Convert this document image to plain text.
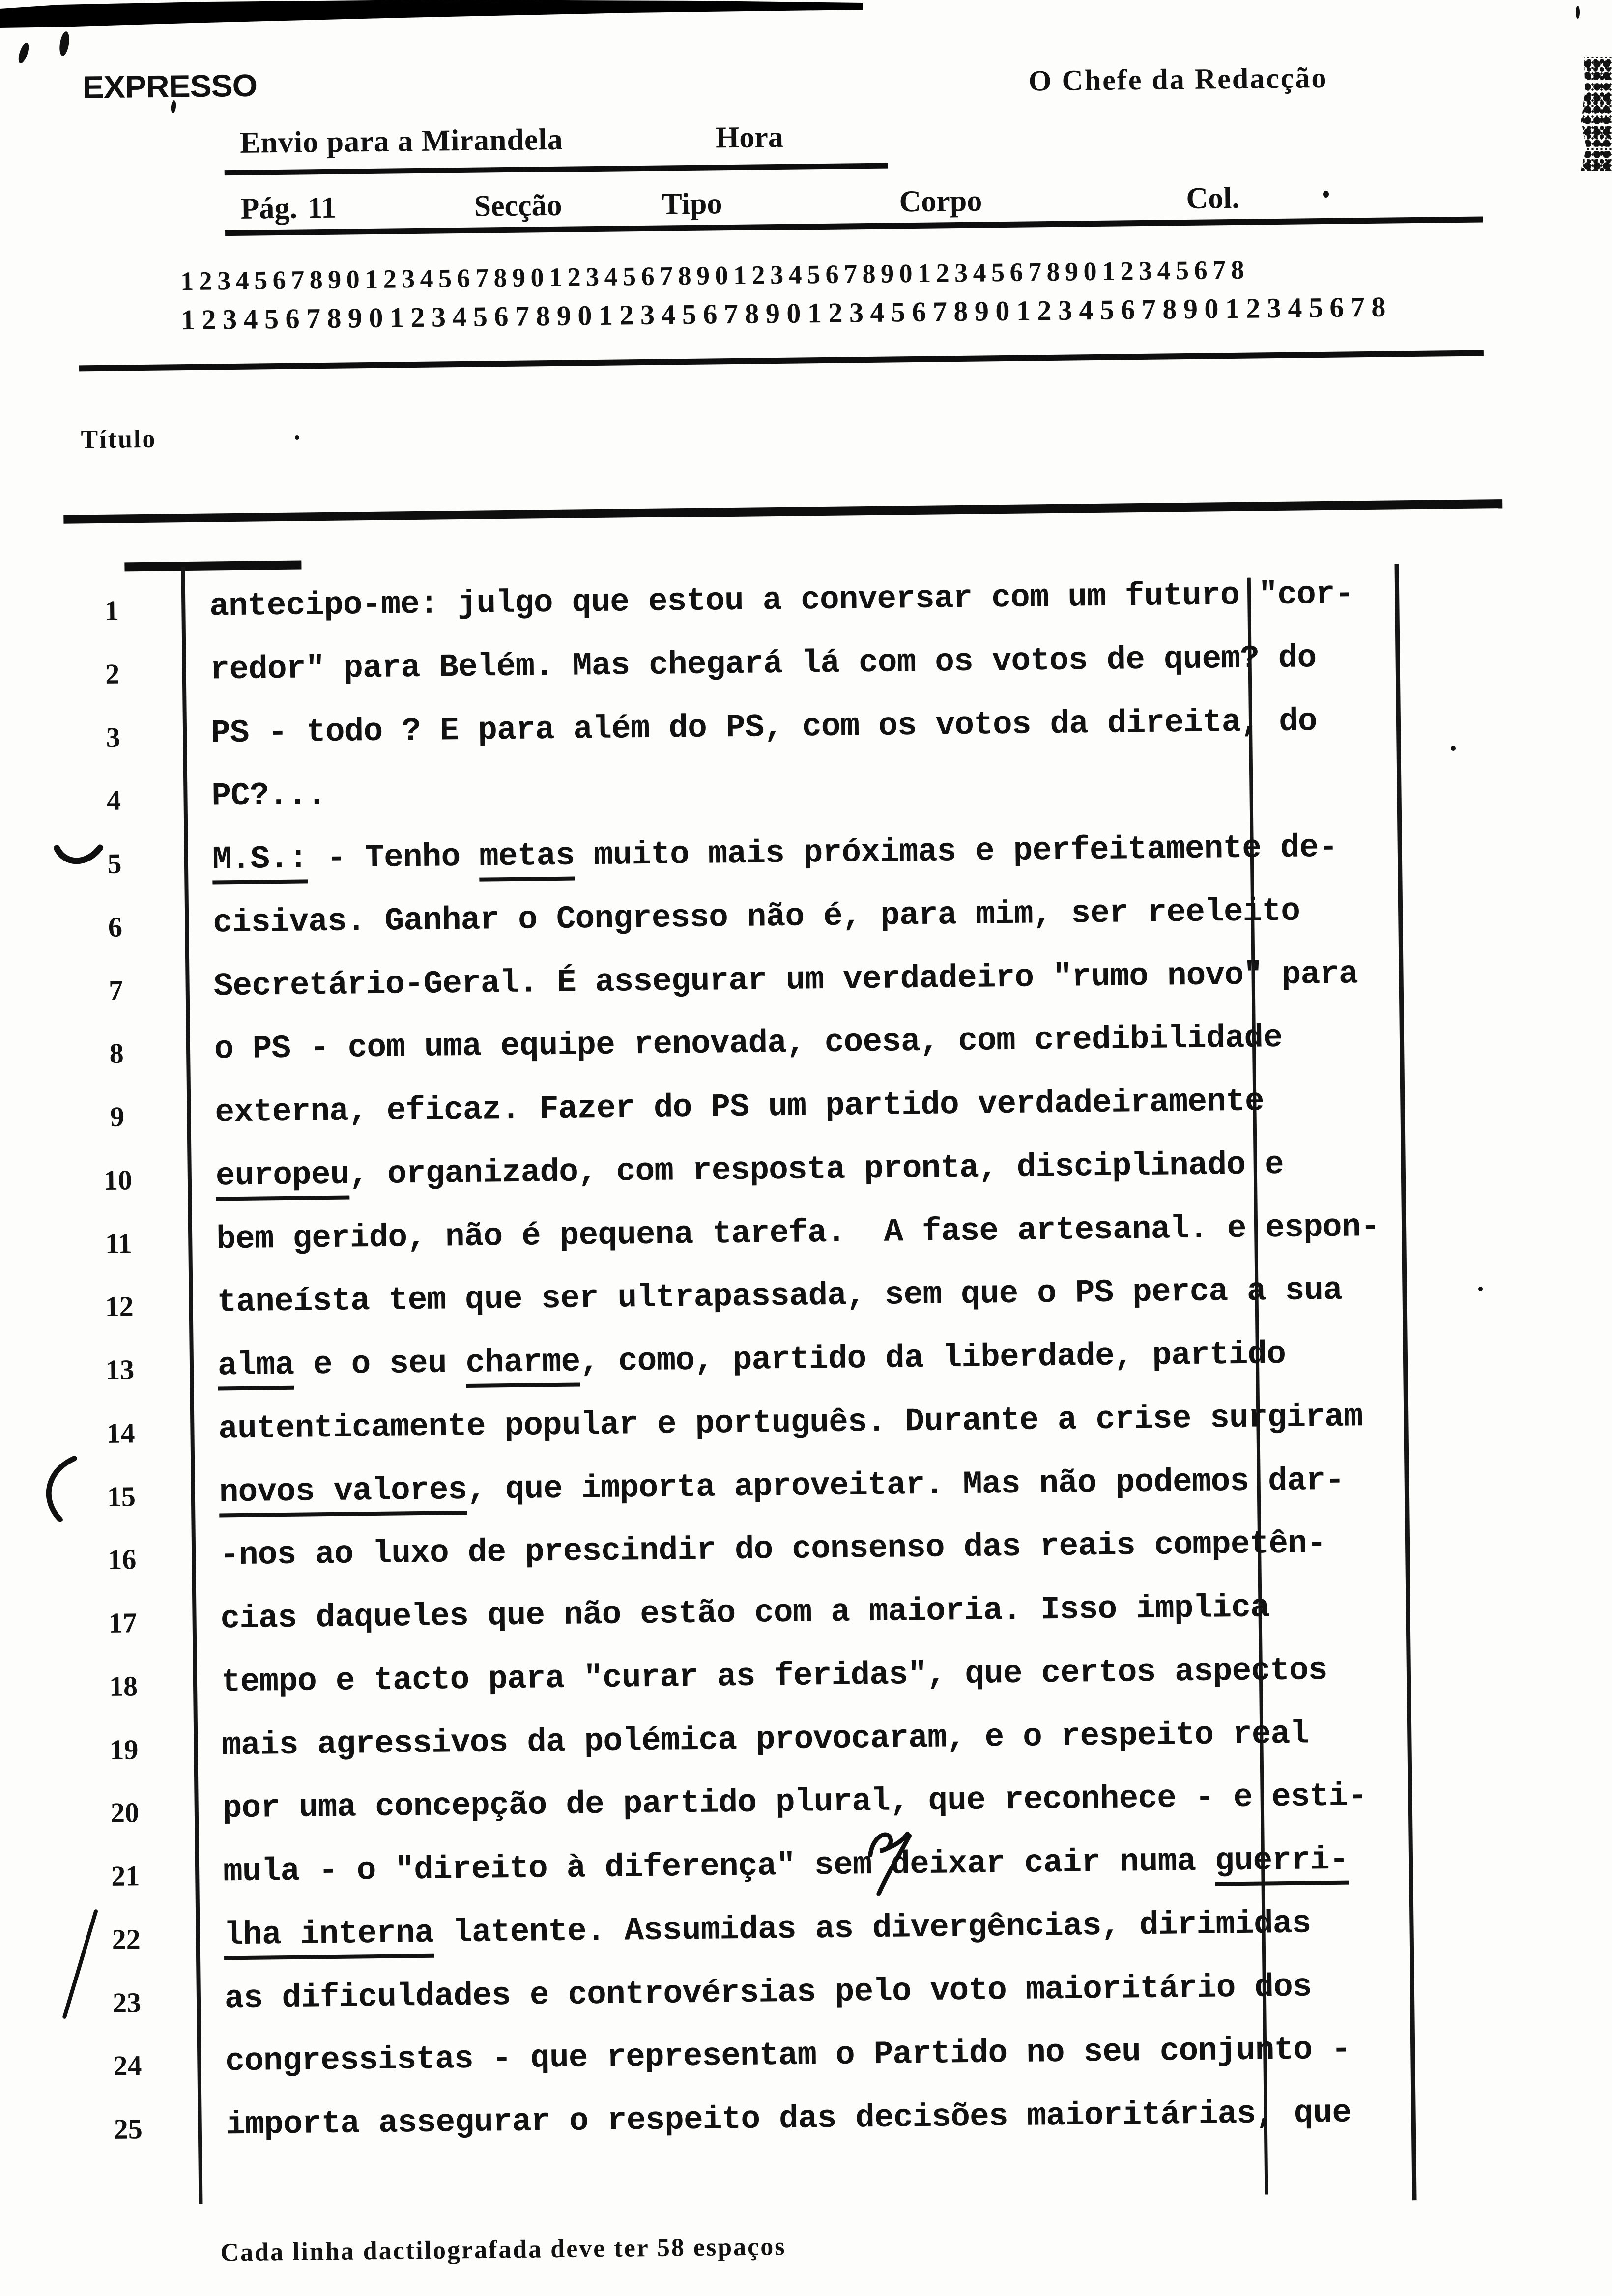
EXPRESSO	O Chefe da Redacção
Envio para a Mirandela	Hora
Pág. 11	Secção	Tipo	Corpo	Col.
1234567890123456789012345678901234567890123456789012345678
1234567890123456789012345678901234567890123456789012345678
Título
1	antecipo-me: julgo que estou a conversar com um futuro "cor-
2	redor" para Belém. Mas chegará lá com os votos de quem? do
3	PS - todo ? E para além do PS, com os votos da direita, do
4	PC?...
5	M.S.: - Tenho metas muito mais próximas e perfeitamente de-
6	cisivas. Ganhar o Congresso não é, para mim, ser reeleito
7	Secretário-Geral. É assegurar um verdadeiro "rumo novo" para
8	o PS - com uma equipe renovada, coesa, com credibilidade
9	externa, eficaz. Fazer do PS um partido verdadeiramente
10	europeu, organizado, com resposta pronta, disciplinado e
11	bem gerido, não é pequena tarefa.  A fase artesanal. e espon-
12	taneísta tem que ser ultrapassada, sem que o PS perca a sua
13	alma e o seu charme, como, partido da liberdade, partido
14	autenticamente popular e português. Durante a crise surgiram
15	novos valores, que importa aproveitar. Mas não podemos dar-
16	-nos ao luxo de prescindir do consenso das reais competên-
17	cias daqueles que não estão com a maioria. Isso implica
18	tempo e tacto para "curar as feridas", que certos aspectos
19	mais agressivos da polémica provocaram, e o respeito real
20	por uma concepção de partido plural, que reconhece - e esti-
21	mula - o "direito à diferença" sem deixar cair numa guerri-
22	lha interna latente. Assumidas as divergências, dirimidas
23	as dificuldades e controvérsias pelo voto maioritário dos
24	congressistas - que representam o Partido no seu conjunto -
25	importa assegurar o respeito das decisões maioritárias, que
Cada linha dactilografada deve ter 58 espaços
